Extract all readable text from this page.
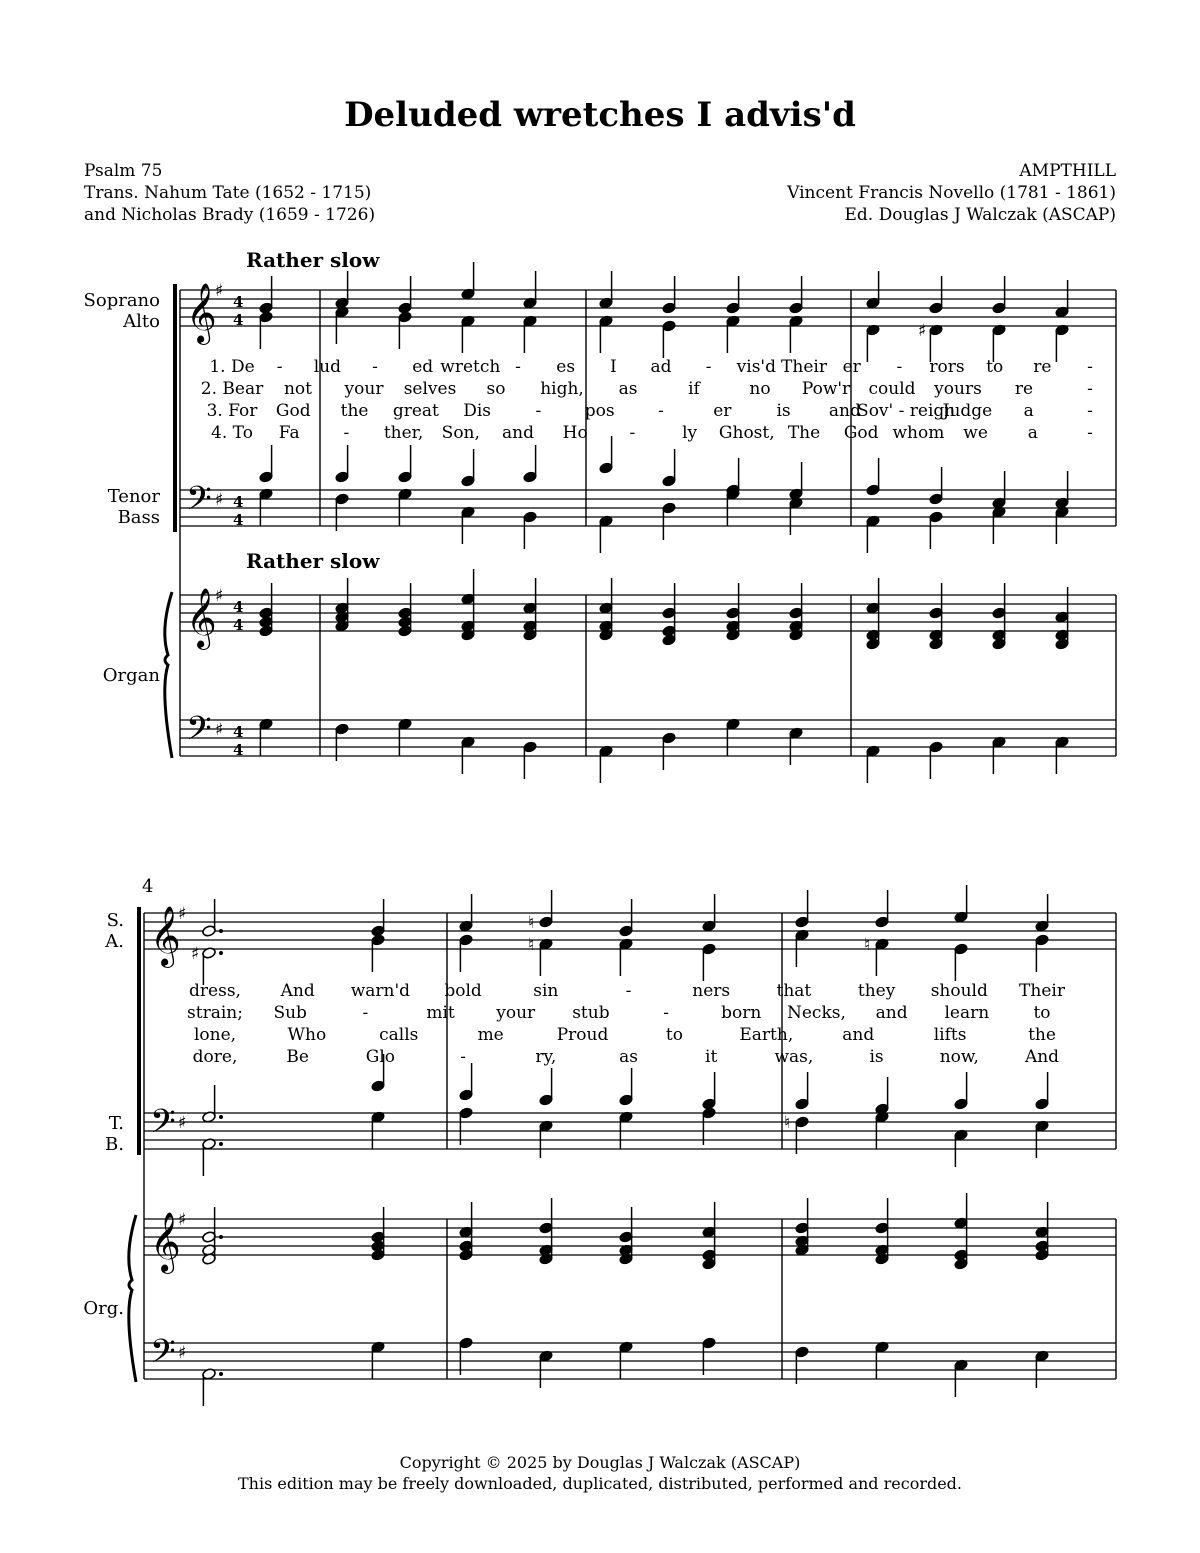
Deluded wretches I advis'd
Psalm 75
Trans. Nahum Tate (1652 - 1715)
and Nicholas Brady (1659 - 1726)
AMPTHILL
Vincent Francis Novello (1781 - 1861)
Ed. Douglas J Walczak (ASCAP)
Rather slow
Rather slow
𝄞
♯
4
4
𝄢 ♯ 4
4
𝄞
♯
4
4
𝄢 ♯ 4
4
Soprano
Alto
Tenor
Bass
Organ
♯
1. De - lud - ed wretch - es I ad - vis'd Their er - rors to re -
2. Bear not your selves so high, as	if	no Pow'r could yours re	-
3. For God the great Dis	-	pos	-	er	is and
Sov' - reign
Judge a	-
4. To Fa	- ther, Son, and Ho -	ly Ghost, The God whom we a	-
𝄞
♯
𝄢 ♯
𝄞
♯
𝄢 ♯
4
S.
A.
T.
B.
Org.
♯
♮
♮	♮
♮
dress, And warn'd bold	sin	-	ners	that	they should Their
strain; Sub	-	mit your stub	-	born Necks, and learn	to
lone,	Who	calls	me	Proud	to	Earth,	and	lifts	the
dore,	Be	Glo	-	ry,	as	it	was,	is	now,	And
Copyright © 2025 by Douglas J Walczak (ASCAP)
This edition may be freely downloaded, duplicated, distributed, performed and recorded.
